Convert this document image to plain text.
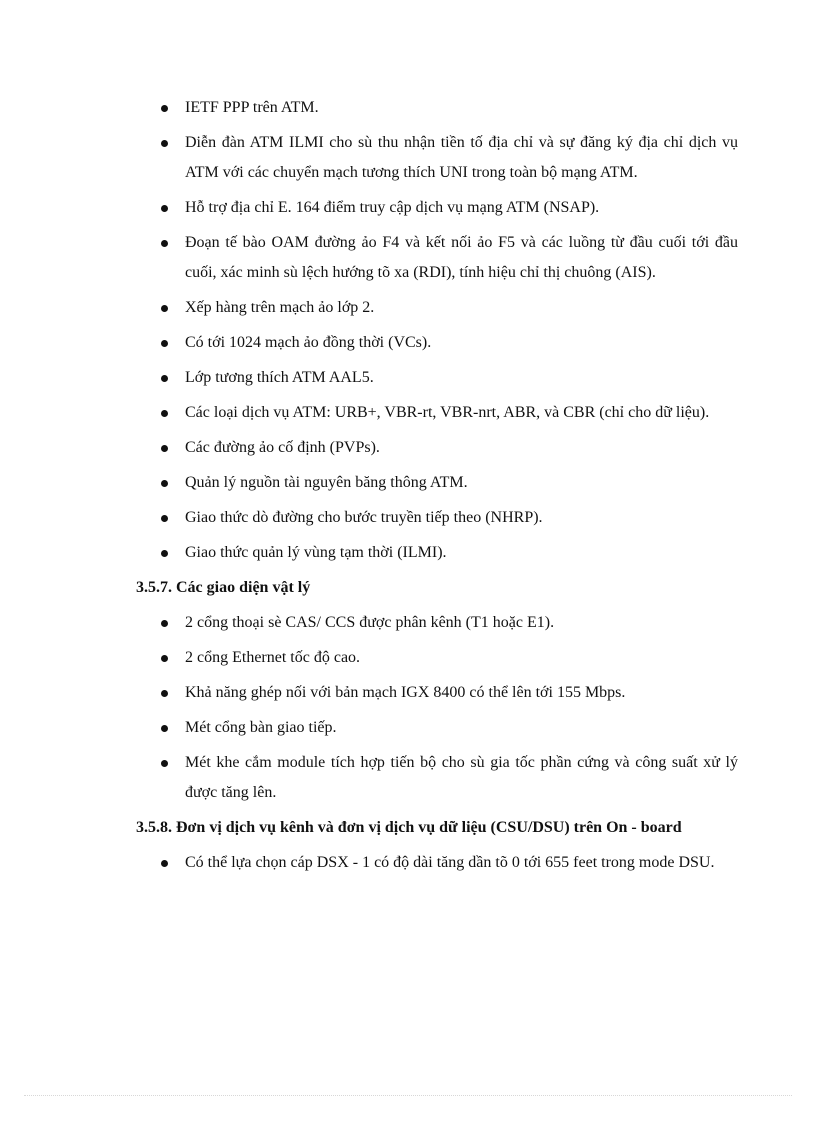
IETF PPP trên ATM.
Diễn đàn ATM ILMI cho sù thu nhận tiền tố địa chỉ và sự đăng ký địa chỉ dịch vụ ATM với các chuyển mạch tương thích UNI trong toàn bộ mạng ATM.
Hỗ trợ địa chỉ E. 164 điểm truy cập dịch vụ mạng ATM (NSAP).
Đoạn tế bào OAM đường ảo F4 và kết nối ảo F5 và các luồng từ đầu cuối tới đầu cuối, xác minh sù lệch hướng tõ xa (RDI), tính hiệu chỉ thị chuông (AIS).
Xếp hàng trên mạch ảo lớp 2.
Có tới 1024 mạch ảo đồng thời (VCs).
Lớp tương thích ATM AAL5.
Các loại dịch vụ ATM: URB+, VBR-rt, VBR-nrt, ABR, và CBR (chỉ cho dữ liệu).
Các đường ảo cố định (PVPs).
Quản lý nguồn tài nguyên băng thông ATM.
Giao thức dò đường cho bước truyền tiếp theo (NHRP).
Giao thức quản lý vùng tạm thời (ILMI).
3.5.7. Các giao diện vật lý
2 cổng thoại sè CAS/ CCS được phân kênh (T1 hoặc E1).
2 cổng Ethernet tốc độ cao.
Khả năng ghép nối với bản mạch IGX 8400 có thể lên tới 155 Mbps.
Mét cổng bàn giao tiếp.
Mét khe cắm module tích hợp tiến bộ cho sù gia tốc phần cứng và công suất xử lý được tăng lên.
3.5.8. Đơn vị dịch vụ kênh và đơn vị dịch vụ dữ liệu (CSU/DSU) trên On - board
Có thể lựa chọn cáp DSX - 1 có độ dài tăng dần tõ 0 tới 655 feet trong mode DSU.
